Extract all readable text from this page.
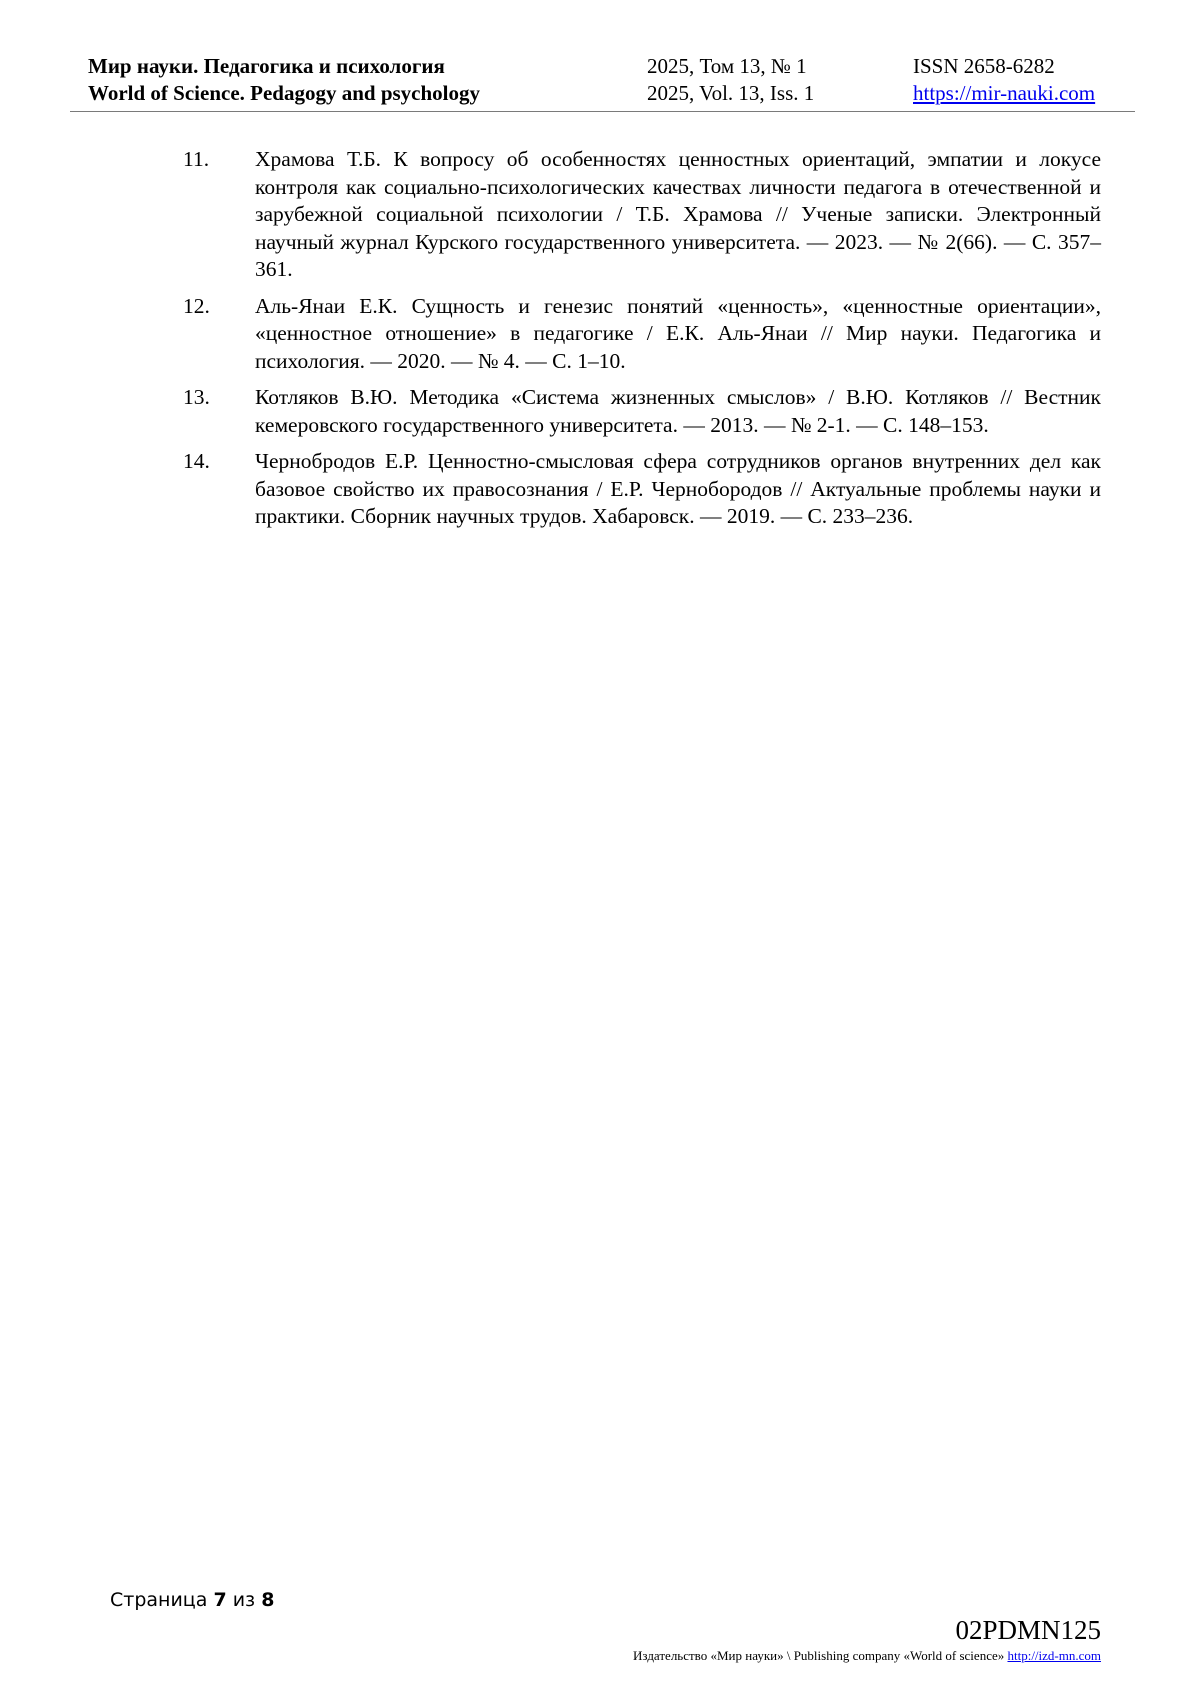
Мир науки. Педагогика и психология
World of Science. Pedagogy and psychology
2025, Том 13, № 1
2025, Vol. 13, Iss. 1
ISSN 2658-6282
https://mir-nauki.com
11. Храмова Т.Б. К вопросу об особенностях ценностных ориентаций, эмпатии и локусе контроля как социально-психологических качествах личности педагога в отечественной и зарубежной социальной психологии / Т.Б. Храмова // Ученые записки. Электронный научный журнал Курского государственного университета. — 2023. — № 2(66). — С. 357–361.
12. Аль-Янаи Е.К. Сущность и генезис понятий «ценность», «ценностные ориентации», «ценностное отношение» в педагогике / Е.К. Аль-Янаи // Мир науки. Педагогика и психология. — 2020. — № 4. — С. 1–10.
13. Котляков В.Ю. Методика «Система жизненных смыслов» / В.Ю. Котляков // Вестник кемеровского государственного университета. — 2013. — № 2-1. — С. 148–153.
14. Чернобродов Е.Р. Ценностно-смысловая сфера сотрудников органов внутренних дел как базовое свойство их правосознания / Е.Р. Чернобородов // Актуальные проблемы науки и практики. Сборник научных трудов. Хабаровск. — 2019. — С. 233–236.
Страница 7 из 8
02PDMN125
Издательство «Мир науки» \ Publishing company «World of science» http://izd-mn.com
